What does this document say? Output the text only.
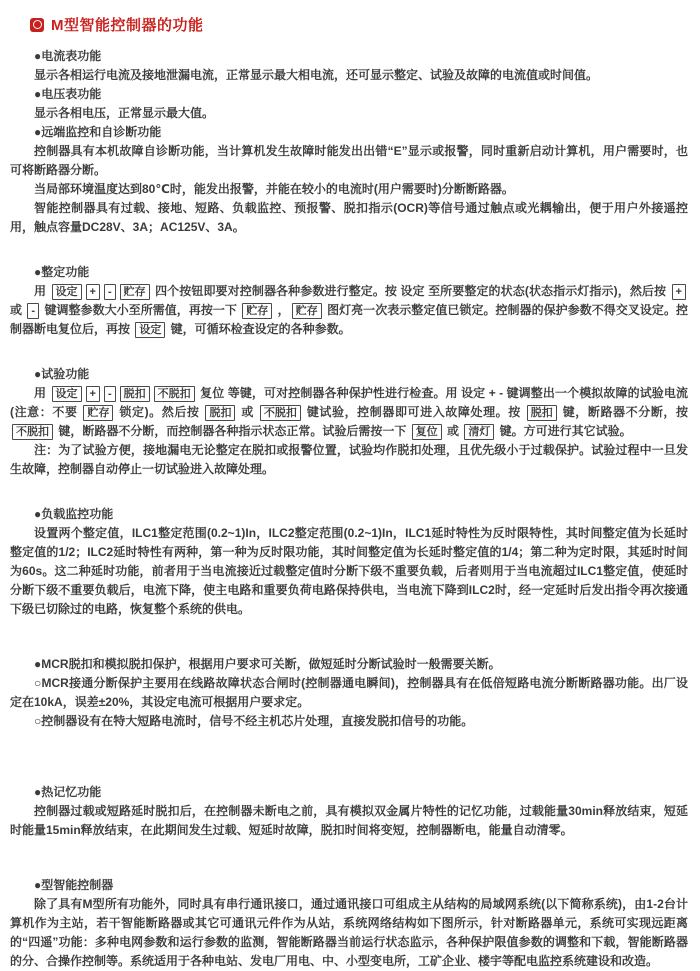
M型智能控制器的功能
●电流表功能

显示各相运行电流及接地泄漏电流，正常显示最大相电流，还可显示整定、试验及故障的电流值或时间值。

●电压表功能

显示各相电压，正常显示最大值。

●远端监控和自诊断功能

控制器具有本机故障自诊断功能，当计算机发生故障时能发出出错“E”显示或报警，同时重新启动计算机，用户需要时，也可将断路器分断。

当局部环境温度达到80℃时，能发出报警，并能在较小的电流时(用户需要时)分断断路器。

智能控制器具有过载、接地、短路、负载监控、预报警、脱扣指示(OCR)等信号通过触点或光耦输出，便于用户外接遥控用，触点容量DC28V、3A；AC125V、3A。

●整定功能

用 设定 + - 贮存 四个按钮即要对控制器各种参数进行整定。按 设定 至所要整定的状态(状态指示灯指示)，然后按 + 或 - 键调整参数大小至所需值，再按一下 贮存 ， 贮存 图灯亮一次表示整定值已锁定。控制器的保护参数不得交叉设定。控制器断电复位后，再按 设定 键，可循环检查设定的各种参数。

●试验功能

用 设定 + - 脱扣 不脱扣 复位 等键，可对控制器各种保护性进行检查。用 设定 + - 键调整出一个模拟故障的试验电流(注意：不要 贮存 锁定)。然后按 脱扣 或 不脱扣 键试验，控制器即可进入故障处理。按 脱扣 键，断路器不分断，按 不脱扣 键，断路器不分断，而控制器各种指示状态正常。试验后需按一下 复位 或 清灯 键。方可进行其它试验。

注：为了试验方便，接地漏电无论整定在脱扣或报警位置，试验均作脱扣处理，且优先级小于过载保护。试验过程中一旦发 生故障，控制器自动停止一切试验进入故障处理。

●负载监控功能

设置两个整定值，ILC1整定范围(0.2~1)In，ILC2整定范围(0.2~1)In，ILC1延时特性为反时限特性，其时间整定值为长延时整定值的1/2；ILC2延时特性有两种，第一种为反时限功能，其时间整定值为长延时整定值的1/4；第二种为定时限，其延时时间为60s。这二种延时功能，前者用于当电流接近过载整定值时分断下级不重要负载，后者则用于当电流超过ILC1整定值，使延时分断下级不重要负载后，电流下降，使主电路和重要负荷电路保持供电，当电流下降到ILC2时，经一定延时后发出指令再次接通下级已切除过的电路，恢复整个系统的供电。

●MCR脱扣和模拟脱扣保护，根据用户要求可关断，做短延时分断试验时一般需要关断。

○MCR接通分断保护主要用在线路故障状态合闸时(控制器通电瞬间)，控制器具有在低倍短路电流分断断路器功能。出厂设定在10kA，误差±20%，其设定电流可根据用户要求定。

○控制器设有在特大短路电流时，信号不经主机芯片处理，直接发脱扣信号的功能。

●热记忆功能

控制器过载或短路延时脱扣后，在控制器未断电之前，具有模拟双金属片特性的记忆功能，过载能量30min释放结束，短延时能量15min释放结束，在此期间发生过载、短延时故障，脱扣时间将变短，控制器断电，能量自动清零。

●型智能控制器

除了具有M型所有功能外，同时具有串行通讯接口，通过通讯接口可组成主从结构的局域网系统(以下简称系统)，由1-2台计算机作为主站，若干智能断路器或其它可通讯元件作为从站，系统网络结构如下图所示，针对断路器单元，系统可实现远距离的“四遥”功能：多种电网参数和运行参数的监测，智能断路器当前运行状态监示，各种保护限值参数的调整和下载，智能断路器的分、合操作控制等。系统适用于各种电站、发电厂用电、中、小型变电所，工矿企业、楼宇等配电监控系统建设和改造。
